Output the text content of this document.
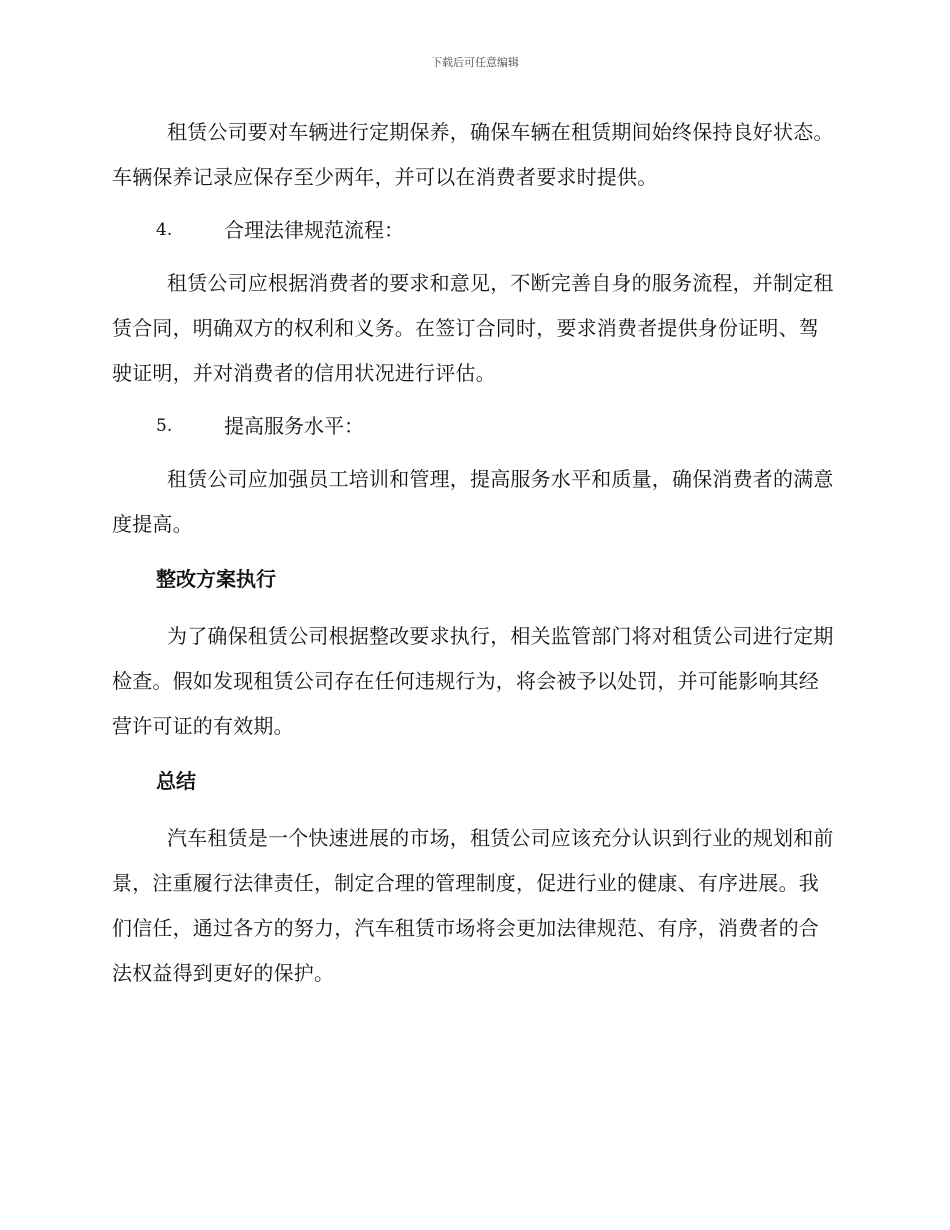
下载后可任意编辑

租赁公司要对车辆进行定期保养，确保车辆在租赁期间始终保持良好状态。车辆保养记录应保存至少两年，并可以在消费者要求时提供。

4.	合理法律规范流程：

租赁公司应根据消费者的要求和意见，不断完善自身的服务流程，并制定租赁合同，明确双方的权利和义务。在签订合同时，要求消费者提供身份证明、驾驶证明，并对消费者的信用状况进行评估。

5.	提高服务水平：

租赁公司应加强员工培训和管理，提高服务水平和质量，确保消费者的满意度提高。

整改方案执行

为了确保租赁公司根据整改要求执行，相关监管部门将对租赁公司进行定期检查。假如发现租赁公司存在任何违规行为，将会被予以处罚，并可能影响其经营许可证的有效期。

总结

汽车租赁是一个快速进展的市场，租赁公司应该充分认识到行业的规划和前景，注重履行法律责任，制定合理的管理制度，促进行业的健康、有序进展。我们信任，通过各方的努力，汽车租赁市场将会更加法律规范、有序，消费者的合法权益得到更好的保护。
